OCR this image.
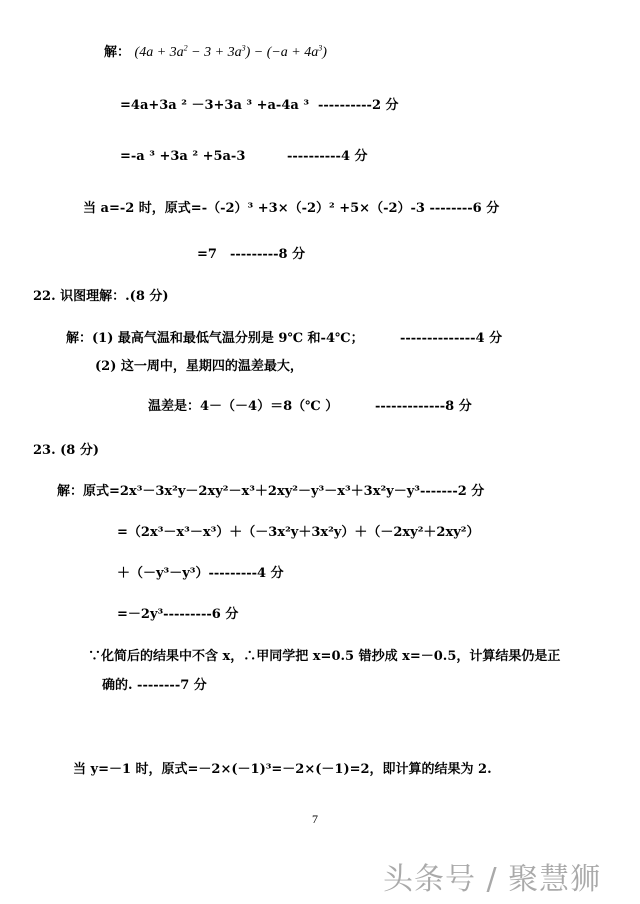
解： $(4a + 3a^2 - 3 + 3a^3) - (-a + 4a^3)$
=4a+3a ² －3+3a ³ +a-4a ³ ----------2 分
=-a ³ +3a ² +5a-3	----------4 分
当 a=-2 时，原式=-（-2）³ +3×（-2）² +5×（-2）-3 --------6 分
=7 ---------8 分
22. 识图理解：.(8 分)
解：(1) 最高气温和最低气温分别是 9℃ 和-4℃；	--------------4 分
(2) 这一周中，星期四的温差最大，
温差是：4－（－4）＝8（℃ ）	-------------8 分
23. (8 分)
解：原式=2x³－3x²y－2xy²－x³＋2xy²－y³－x³＋3x²y－y³-------2 分
=（2x³－x³－x³）＋（－3x²y＋3x²y）＋（－2xy²＋2xy²）
＋（－y³－y³）---------4 分
=－2y³---------6 分
∵化简后的结果中不含 x，∴甲同学把 x=0.5 错抄成 x=－0.5，计算结果仍是正
确的. --------7 分
当 y=－1 时，原式=－2×(－1)³=－2×(－1)=2，即计算的结果为 2.
7
头条号 / 聚慧狮
